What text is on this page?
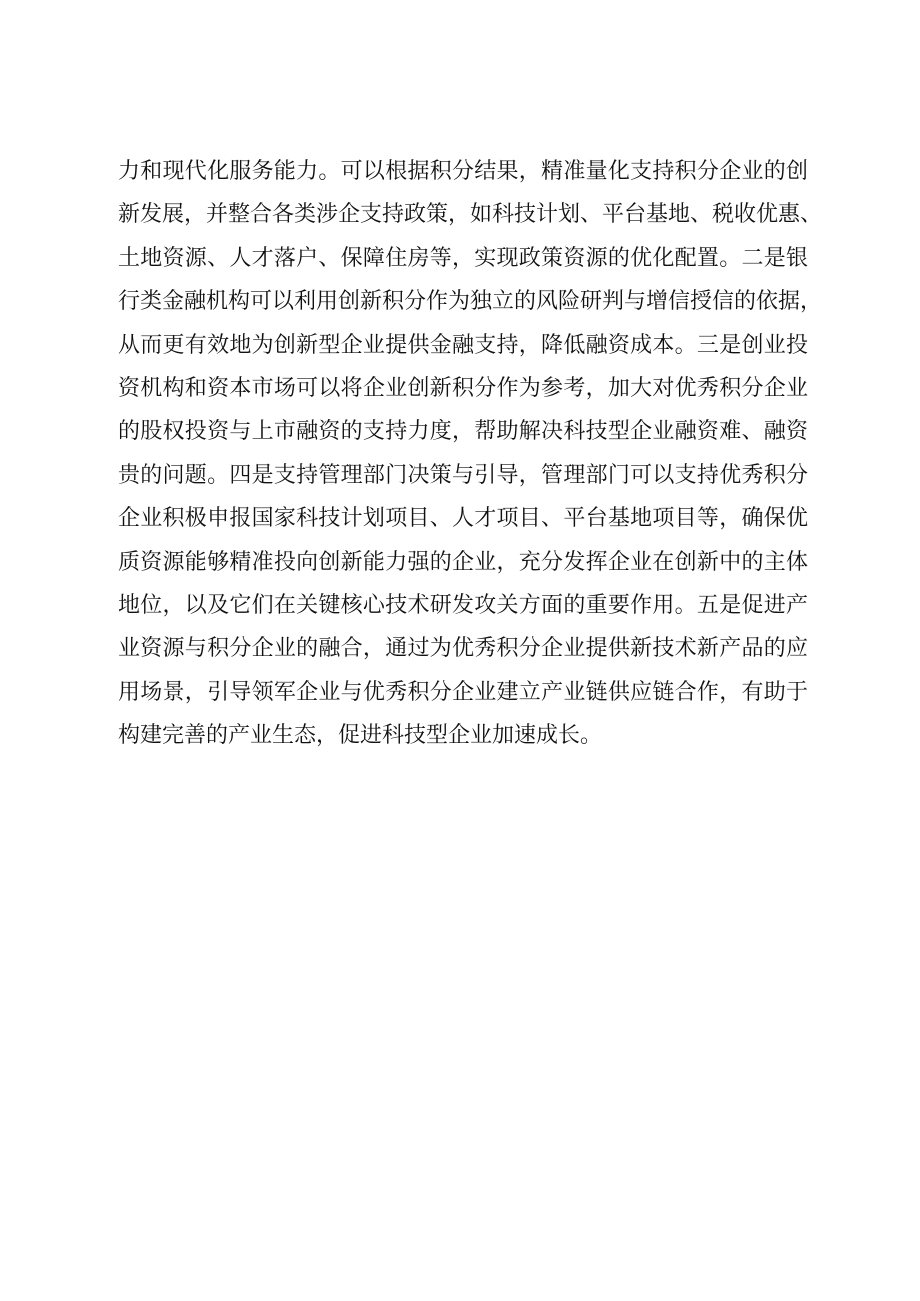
力和现代化服务能力。可以根据积分结果，精准量化支持积分企业的创
新发展，并整合各类涉企支持政策，如科技计划、平台基地、税收优惠、
土地资源、人才落户、保障住房等，实现政策资源的优化配置。二是银
行类金融机构可以利用创新积分作为独立的风险研判与增信授信的依据，
从而更有效地为创新型企业提供金融支持，降低融资成本。三是创业投
资机构和资本市场可以将企业创新积分作为参考，加大对优秀积分企业
的股权投资与上市融资的支持力度，帮助解决科技型企业融资难、融资
贵的问题。四是支持管理部门决策与引导，管理部门可以支持优秀积分
企业积极申报国家科技计划项目、人才项目、平台基地项目等，确保优
质资源能够精准投向创新能力强的企业，充分发挥企业在创新中的主体
地位，以及它们在关键核心技术研发攻关方面的重要作用。五是促进产
业资源与积分企业的融合，通过为优秀积分企业提供新技术新产品的应
用场景，引导领军企业与优秀积分企业建立产业链供应链合作，有助于
构建完善的产业生态，促进科技型企业加速成长。
